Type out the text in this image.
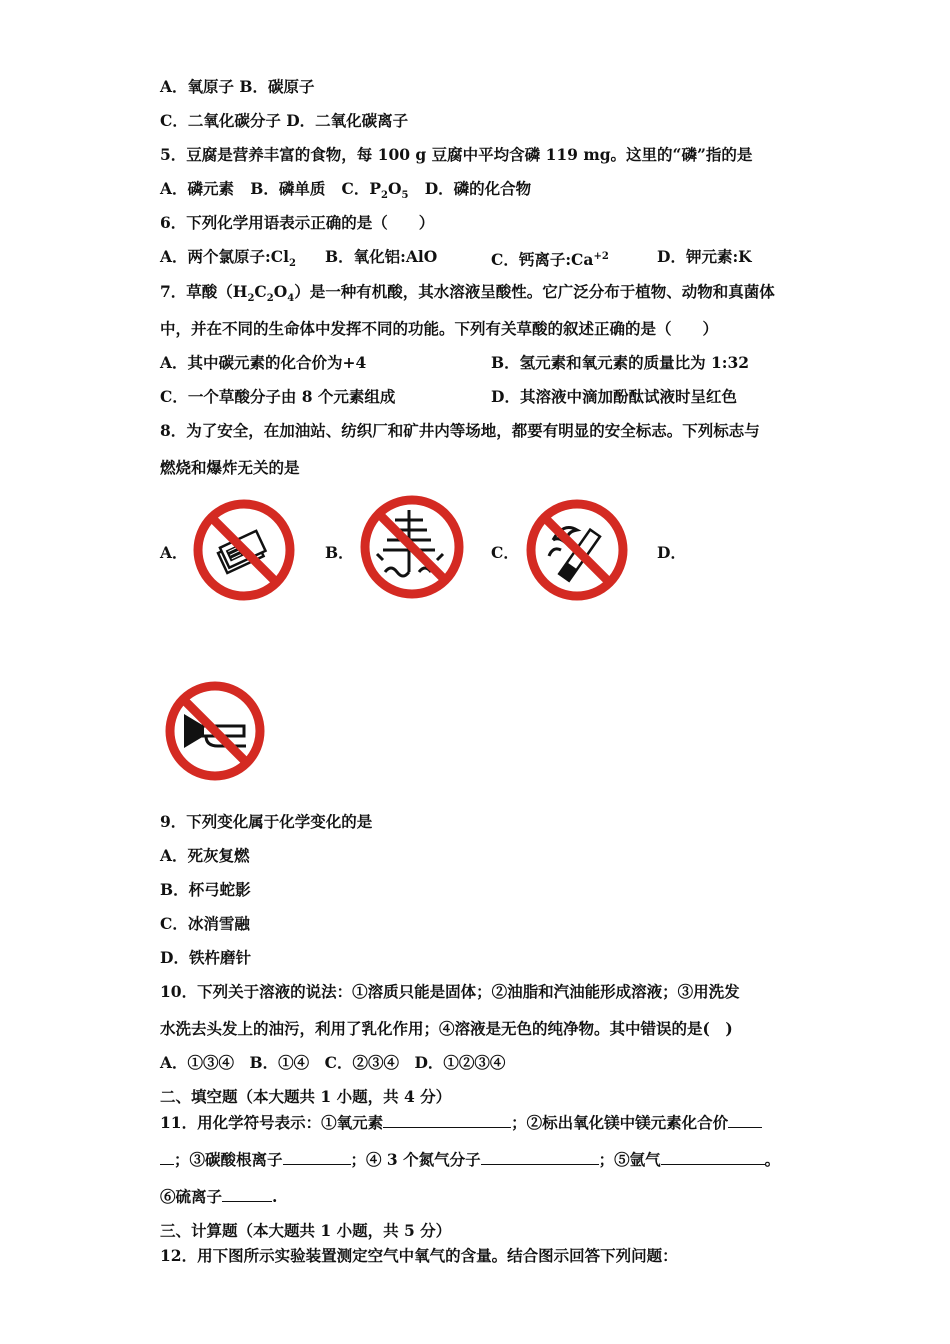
A．氧原子 B．碳原子
C．二氧化碳分子 D．二氧化碳离子
5．豆腐是营养丰富的食物，每 100 g 豆腐中平均含磷 119 mg。这里的“磷”指的是
A．磷元素 B．磷单质 C．$P_2O_5$ D．磷的化合物
6．下列化学用语表示正确的是（　　）
A．两个氯原子$:Cl_2$ B．氧化铝:AlO	C．钙离子$:Ca^{+2}$	D．钾元素:K
7．草酸$(H_2C_2O_4)$是一种有机酸，其水溶液呈酸性。它广泛分布于植物、动物和真菌体
中，并在不同的生命体中发挥不同的功能。下列有关草酸的叙述正确的是（　　）
A．其中碳元素的化合价为+4	B．氢元素和氧元素的质量比为 1:32
C．一个草酸分子由 8 个元素组成	D．其溶液中滴加酚酞试液时呈红色
8．为了安全，在加油站、纺织厂和矿井内等场地，都要有明显的安全标志。下列标志与
燃烧和爆炸无关的是
A．	B．	C．	D．
9．下列变化属于化学变化的是
A．死灰复燃
B．杯弓蛇影
C．冰消雪融
D．铁杵磨针
10．下列关于溶液的说法：①溶质只能是固体；②油脂和汽油能形成溶液；③用洗发
水洗去头发上的油污，利用了乳化作用；④溶液是无色的纯净物。其中错误的是(　)
A．①③④　B．①④　C．②③④　D．①②③④
二、填空题（本大题共 1 小题，共 4 分）
11．用化学符号表示：①氧元素	；②标出氧化镁中镁元素化合价
；③碳酸根离子	；④ 3 个氮气分子	；⑤氩气	。
⑥硫离子	.
三、计算题（本大题共 1 小题，共 5 分）
12．用下图所示实验装置测定空气中氧气的含量。结合图示回答下列问题：
